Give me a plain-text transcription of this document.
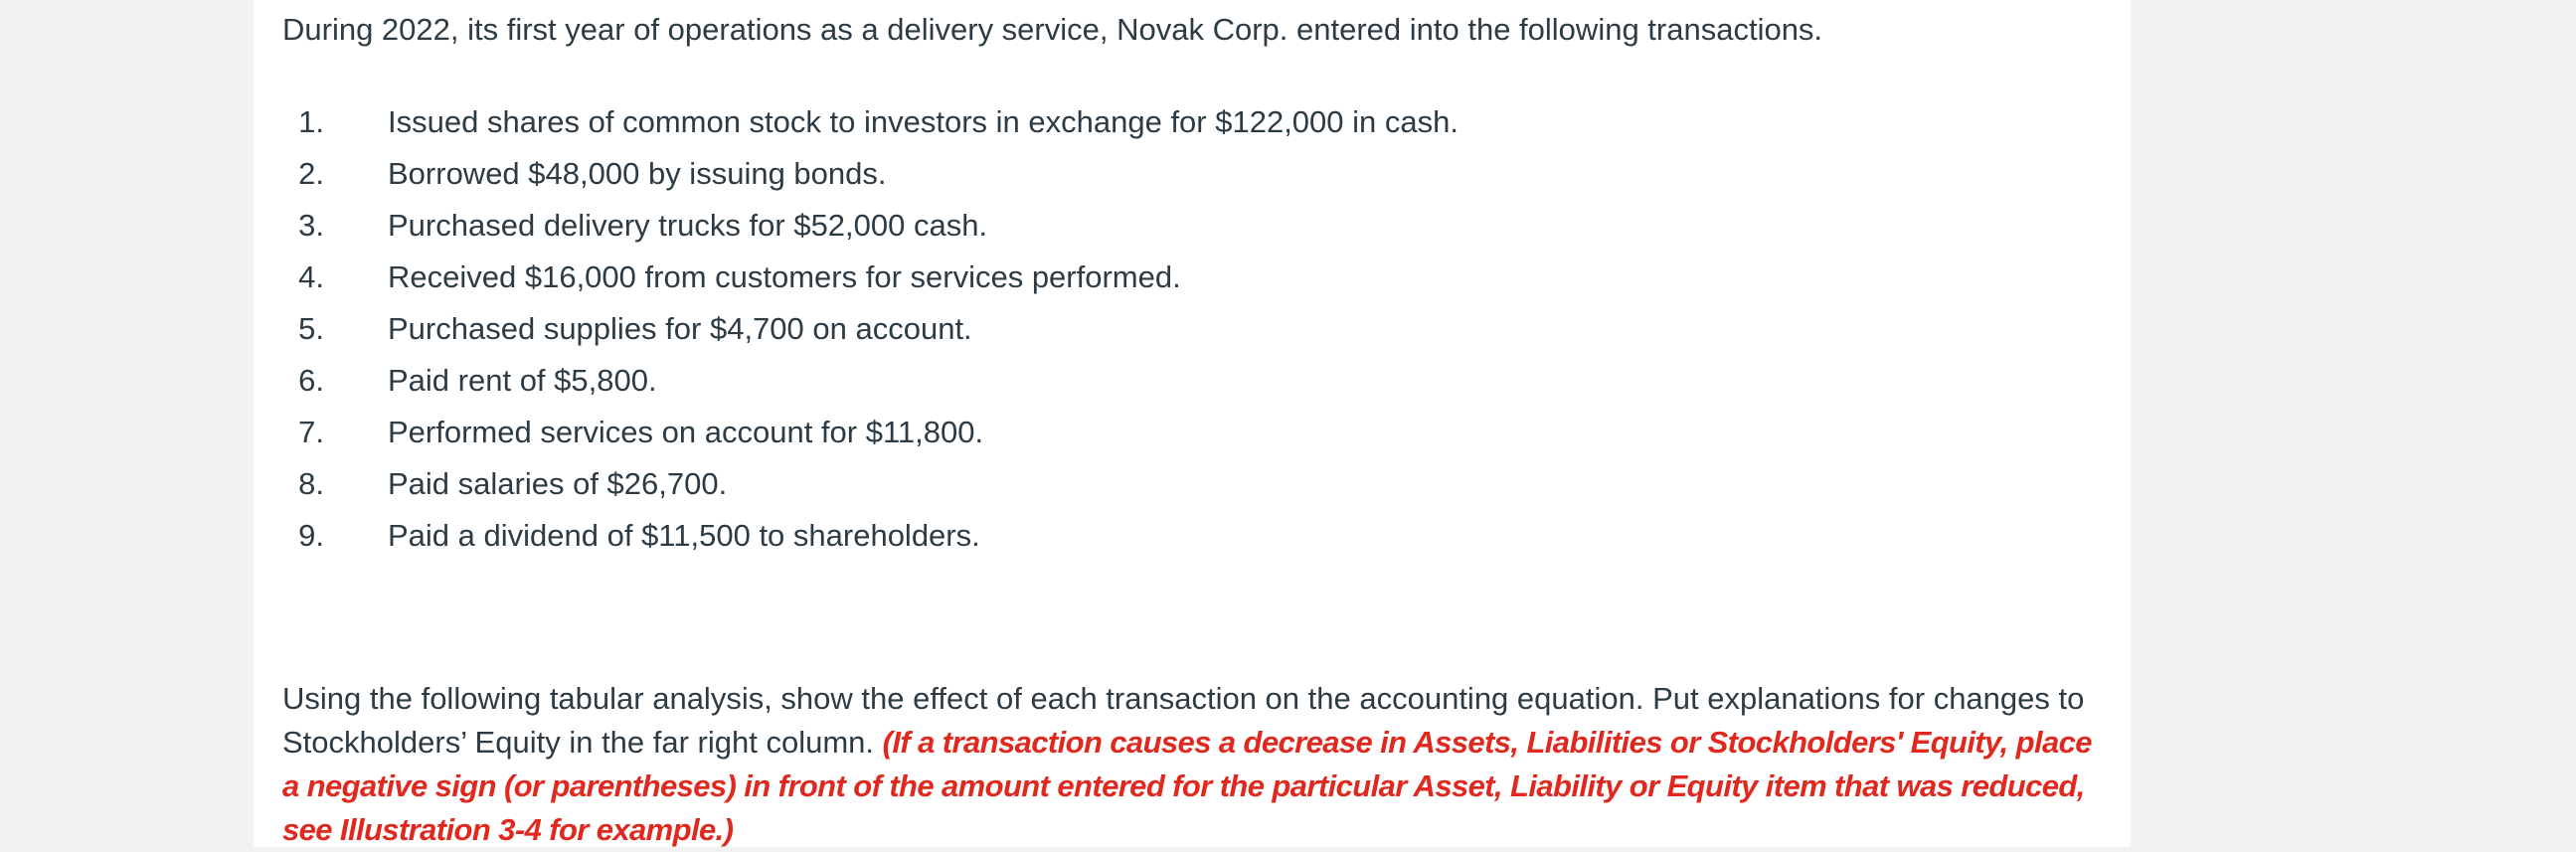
During 2022, its first year of operations as a delivery service, Novak Corp. entered into the following transactions.
1. Issued shares of common stock to investors in exchange for $122,000 in cash.
2. Borrowed $48,000 by issuing bonds.
3. Purchased delivery trucks for $52,000 cash.
4. Received $16,000 from customers for services performed.
5. Purchased supplies for $4,700 on account.
6. Paid rent of $5,800.
7. Performed services on account for $11,800.
8. Paid salaries of $26,700.
9. Paid a dividend of $11,500 to shareholders.

Using the following tabular analysis, show the effect of each transaction on the accounting equation. Put explanations for changes to Stockholders’ Equity in the far right column. (If a transaction causes a decrease in Assets, Liabilities or Stockholders' Equity, place a negative sign (or parentheses) in front of the amount entered for the particular Asset, Liability or Equity item that was reduced, see Illustration 3-4 for example.)
